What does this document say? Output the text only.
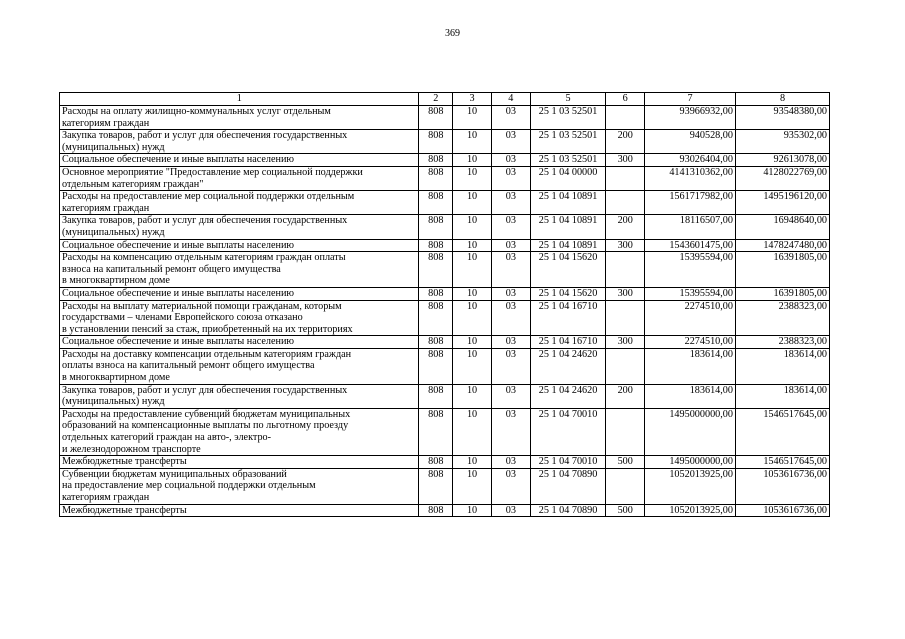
369
1	2	3	4	5	6	7	8
Расходы на оплату жилищно-коммунальных услуг отдельным
категориям граждан	808	10	03	25 1 03 52501		93966932,00	93548380,00
Закупка товаров, работ и услуг для обеспечения государственных
(муниципальных) нужд	808	10	03	25 1 03 52501	200	940528,00	935302,00
Социальное обеспечение и иные выплаты населению	808	10	03	25 1 03 52501	300	93026404,00	92613078,00
Основное мероприятие "Предоставление мер социальной поддержки
отдельным категориям граждан"	808	10	03	25 1 04 00000		4141310362,00	4128022769,00
Расходы на предоставление мер социальной поддержки отдельным
категориям граждан	808	10	03	25 1 04 10891		1561717982,00	1495196120,00
Закупка товаров, работ и услуг для обеспечения государственных
(муниципальных) нужд	808	10	03	25 1 04 10891	200	18116507,00	16948640,00
Социальное обеспечение и иные выплаты населению	808	10	03	25 1 04 10891	300	1543601475,00	1478247480,00
Расходы на компенсацию отдельным категориям граждан оплаты
взноса на капитальный ремонт общего имущества
в многоквартирном доме	808	10	03	25 1 04 15620		15395594,00	16391805,00
Социальное обеспечение и иные выплаты населению	808	10	03	25 1 04 15620	300	15395594,00	16391805,00
Расходы на выплату материальной помощи гражданам, которым
государствами – членами Европейского союза отказано
в установлении пенсий за стаж, приобретенный на их территориях	808	10	03	25 1 04 16710		2274510,00	2388323,00
Социальное обеспечение и иные выплаты населению	808	10	03	25 1 04 16710	300	2274510,00	2388323,00
Расходы на доставку компенсации отдельным категориям граждан
оплаты взноса на капитальный ремонт общего имущества
в многоквартирном доме	808	10	03	25 1 04 24620		183614,00	183614,00
Закупка товаров, работ и услуг для обеспечения государственных
(муниципальных) нужд	808	10	03	25 1 04 24620	200	183614,00	183614,00
Расходы на предоставление субвенций бюджетам муниципальных
образований на компенсационные выплаты по льготному проезду
отдельных категорий граждан на авто-, электро-
и железнодорожном транспорте	808	10	03	25 1 04 70010		1495000000,00	1546517645,00
Межбюджетные трансферты	808	10	03	25 1 04 70010	500	1495000000,00	1546517645,00
Субвенции бюджетам муниципальных образований
на предоставление мер социальной поддержки отдельным
категориям граждан	808	10	03	25 1 04 70890		1052013925,00	1053616736,00
Межбюджетные трансферты	808	10	03	25 1 04 70890	500	1052013925,00	1053616736,00
